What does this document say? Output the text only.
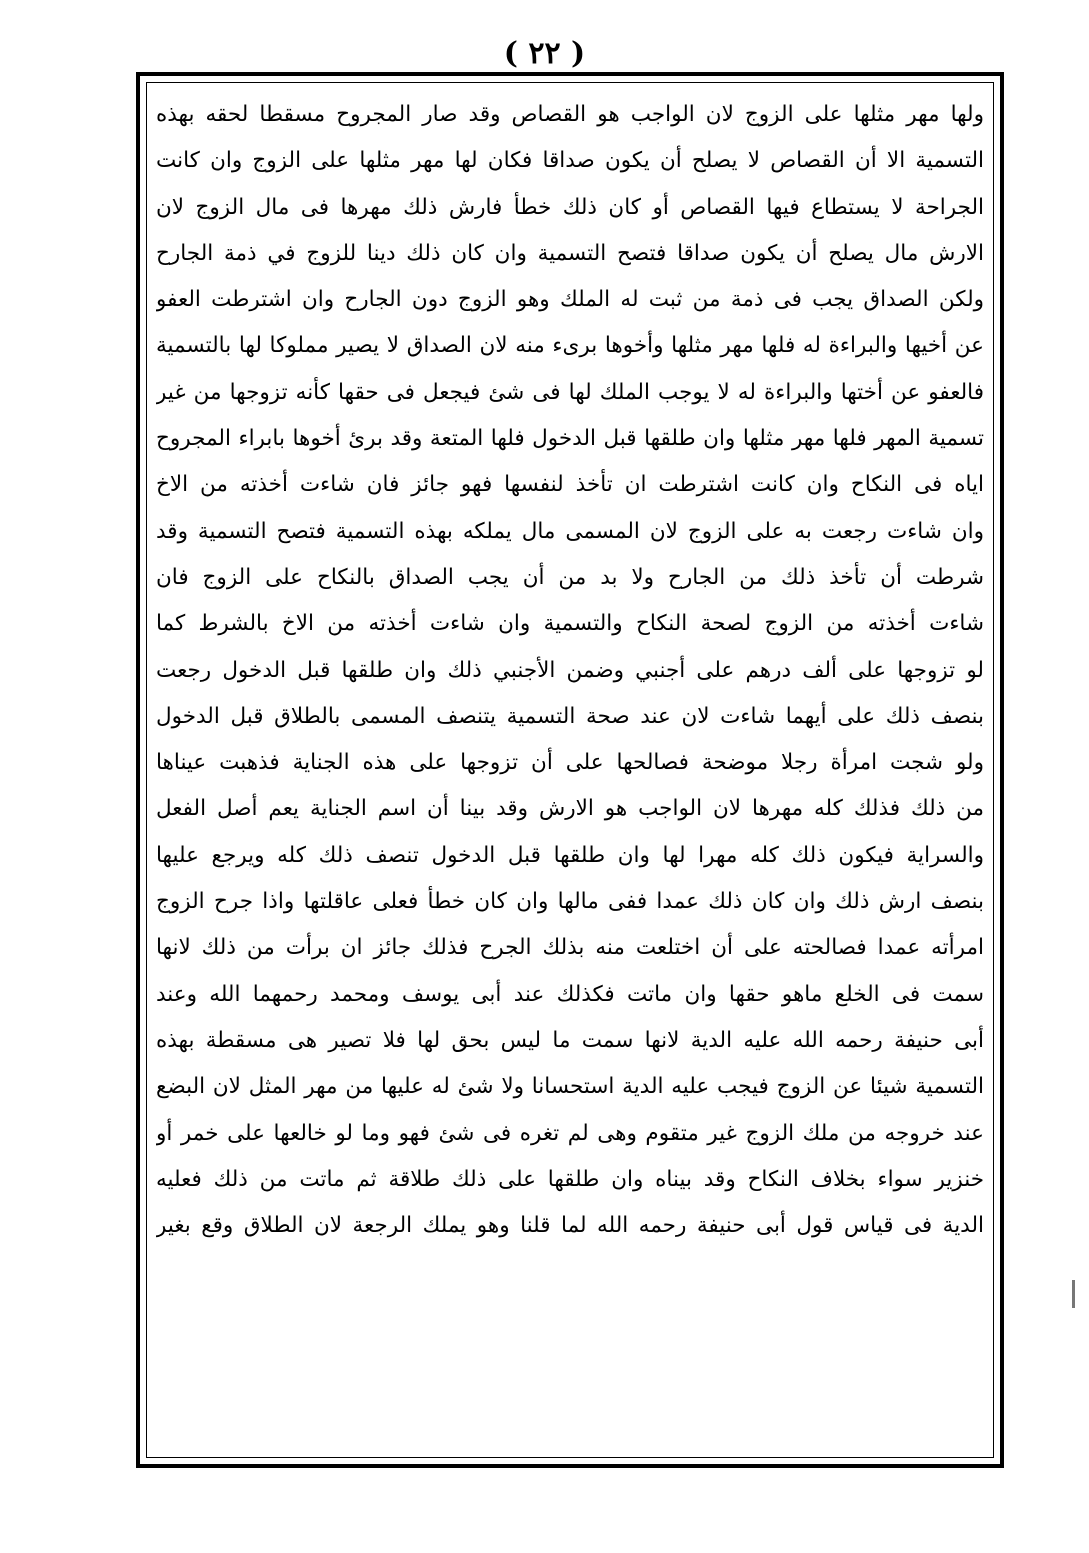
( ٢٢ )
ولها مهر مثلها على الزوج لان الواجب هو القصاص وقد صار المجروح مسقطا لحقه بهذه
التسمية الا أن القصاص لا يصلح أن يكون صداقا فكان لها مهر مثلها على الزوج وان كانت
الجراحة لا يستطاع فيها القصاص أو كان ذلك خطأ فارش ذلك مهرها فى مال الزوج لان
الارش مال يصلح أن يكون صداقا فتصح التسمية وان كان ذلك دينا للزوج في ذمة الجارح
ولكن الصداق يجب فى ذمة من ثبت له الملك وهو الزوج دون الجارح وان اشترطت العفو
عن أخيها والبراءة له فلها مهر مثلها وأخوها برىء منه لان الصداق لا يصير مملوكا لها بالتسمية
فالعفو عن أختها والبراءة له لا يوجب الملك لها فى شئ فيجعل فى حقها كأنه تزوجها من غير
تسمية المهر فلها مهر مثلها وان طلقها قبل الدخول فلها المتعة وقد برئ أخوها بابراء المجروح
اياه فى النكاح وان كانت اشترطت ان تأخذ لنفسها فهو جائز فان شاءت أخذته من الاخ
وان شاءت رجعت به على الزوج لان المسمى مال يملكه بهذه التسمية فتصح التسمية وقد
شرطت أن تأخذ ذلك من الجارح ولا بد من أن يجب الصداق بالنكاح على الزوج فان
شاءت أخذته من الزوج لصحة النكاح والتسمية وان شاءت أخذته من الاخ بالشرط كما
لو تزوجها على ألف درهم على أجنبي وضمن الأجنبي ذلك وان طلقها قبل الدخول رجعت
بنصف ذلك على أيهما شاءت لان عند صحة التسمية يتنصف المسمى بالطلاق قبل الدخول
ولو شجت امرأة رجلا موضحة فصالحها على أن تزوجها على هذه الجناية فذهبت عيناها
من ذلك فذلك كله مهرها لان الواجب هو الارش وقد بينا أن اسم الجناية يعم أصل الفعل
والسراية فيكون ذلك كله مهرا لها وان طلقها قبل الدخول تنصف ذلك كله ويرجع عليها
بنصف ارش ذلك وان كان ذلك عمدا ففى مالها وان كان خطأ فعلى عاقلتها واذا جرح الزوج
امرأته عمدا فصالحته على أن اختلعت منه بذلك الجرح فذلك جائز ان برأت من ذلك لانها
سمت فى الخلع ماهو حقها وان ماتت فكذلك عند أبى يوسف ومحمد رحمهما الله وعند
أبى حنيفة رحمه الله عليه الدية لانها سمت ما ليس بحق لها فلا تصير هى مسقطة بهذه
التسمية شيئا عن الزوج فيجب عليه الدية استحسانا ولا شئ له عليها من مهر المثل لان البضع
عند خروجه من ملك الزوج غير متقوم وهى لم تغره فى شئ فهو وما لو خالعها على خمر أو
خنزير سواء بخلاف النكاح وقد بيناه وان طلقها على ذلك طلاقة ثم ماتت من ذلك فعليه
الدية فى قياس قول أبى حنيفة رحمه الله لما قلنا وهو يملك الرجعة لان الطلاق وقع بغير
